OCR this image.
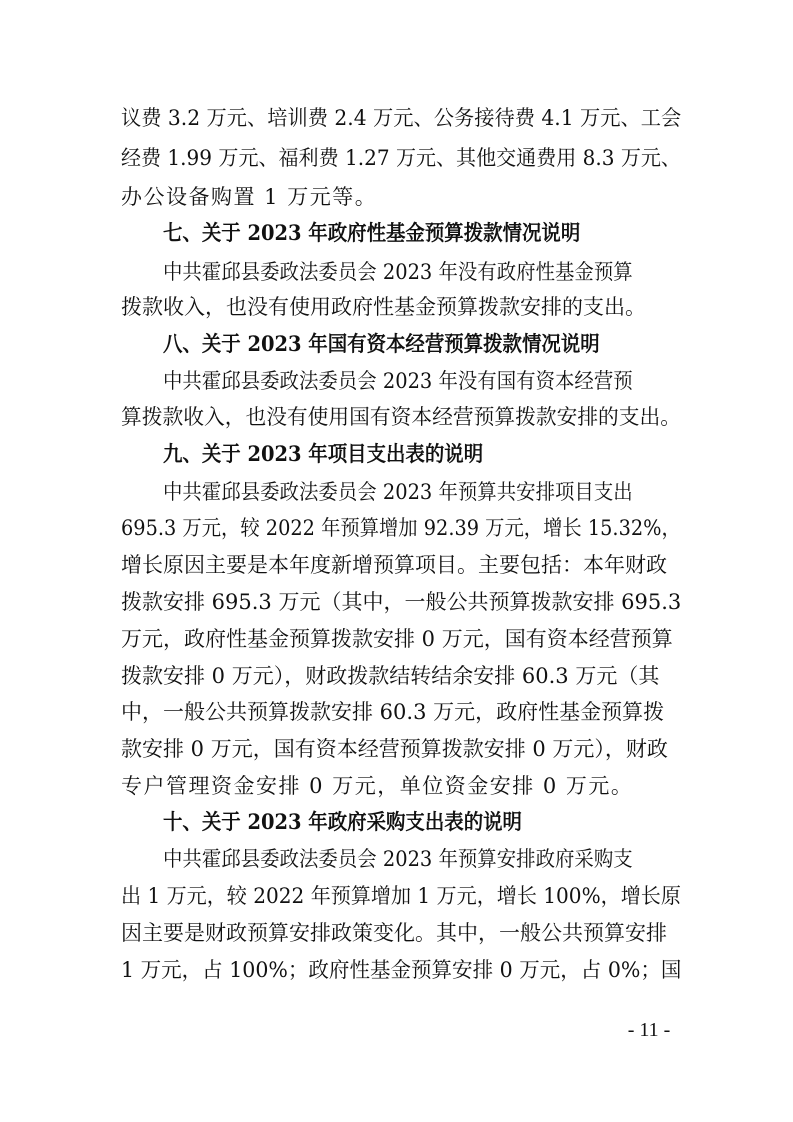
议费 3.2 万元、培训费 2.4 万元、公务接待费 4.1 万元、工会
经费 1.99 万元、福利费 1.27 万元、其他交通费用 8.3 万元、
办公设备购置 1 万元等。
七、关于 2023 年政府性基金预算拨款情况说明
中共霍邱县委政法委员会 2023 年没有政府性基金预算
拨款收入，也没有使用政府性基金预算拨款安排的支出。
八、关于 2023 年国有资本经营预算拨款情况说明
中共霍邱县委政法委员会 2023 年没有国有资本经营预
算拨款收入，也没有使用国有资本经营预算拨款安排的支出。
九、关于 2023 年项目支出表的说明
中共霍邱县委政法委员会 2023 年预算共安排项目支出
695.3 万元，较 2022 年预算增加 92.39 万元，增长 15.32%，
增长原因主要是本年度新增预算项目。主要包括：本年财政
拨款安排 695.3 万元（其中，一般公共预算拨款安排 695.3
万元，政府性基金预算拨款安排 0 万元，国有资本经营预算
拨款安排 0 万元），财政拨款结转结余安排 60.3 万元（其
中，一般公共预算拨款安排 60.3 万元，政府性基金预算拨
款安排 0 万元，国有资本经营预算拨款安排 0 万元），财政
专户管理资金安排 0 万元，单位资金安排 0 万元。
十、关于 2023 年政府采购支出表的说明
中共霍邱县委政法委员会 2023 年预算安排政府采购支
出 1 万元，较 2022 年预算增加 1 万元，增长 100%，增长原
因主要是财政预算安排政策变化。其中，一般公共预算安排
1 万元，占 100%；政府性基金预算安排 0 万元，占 0%；国
- 11 -
